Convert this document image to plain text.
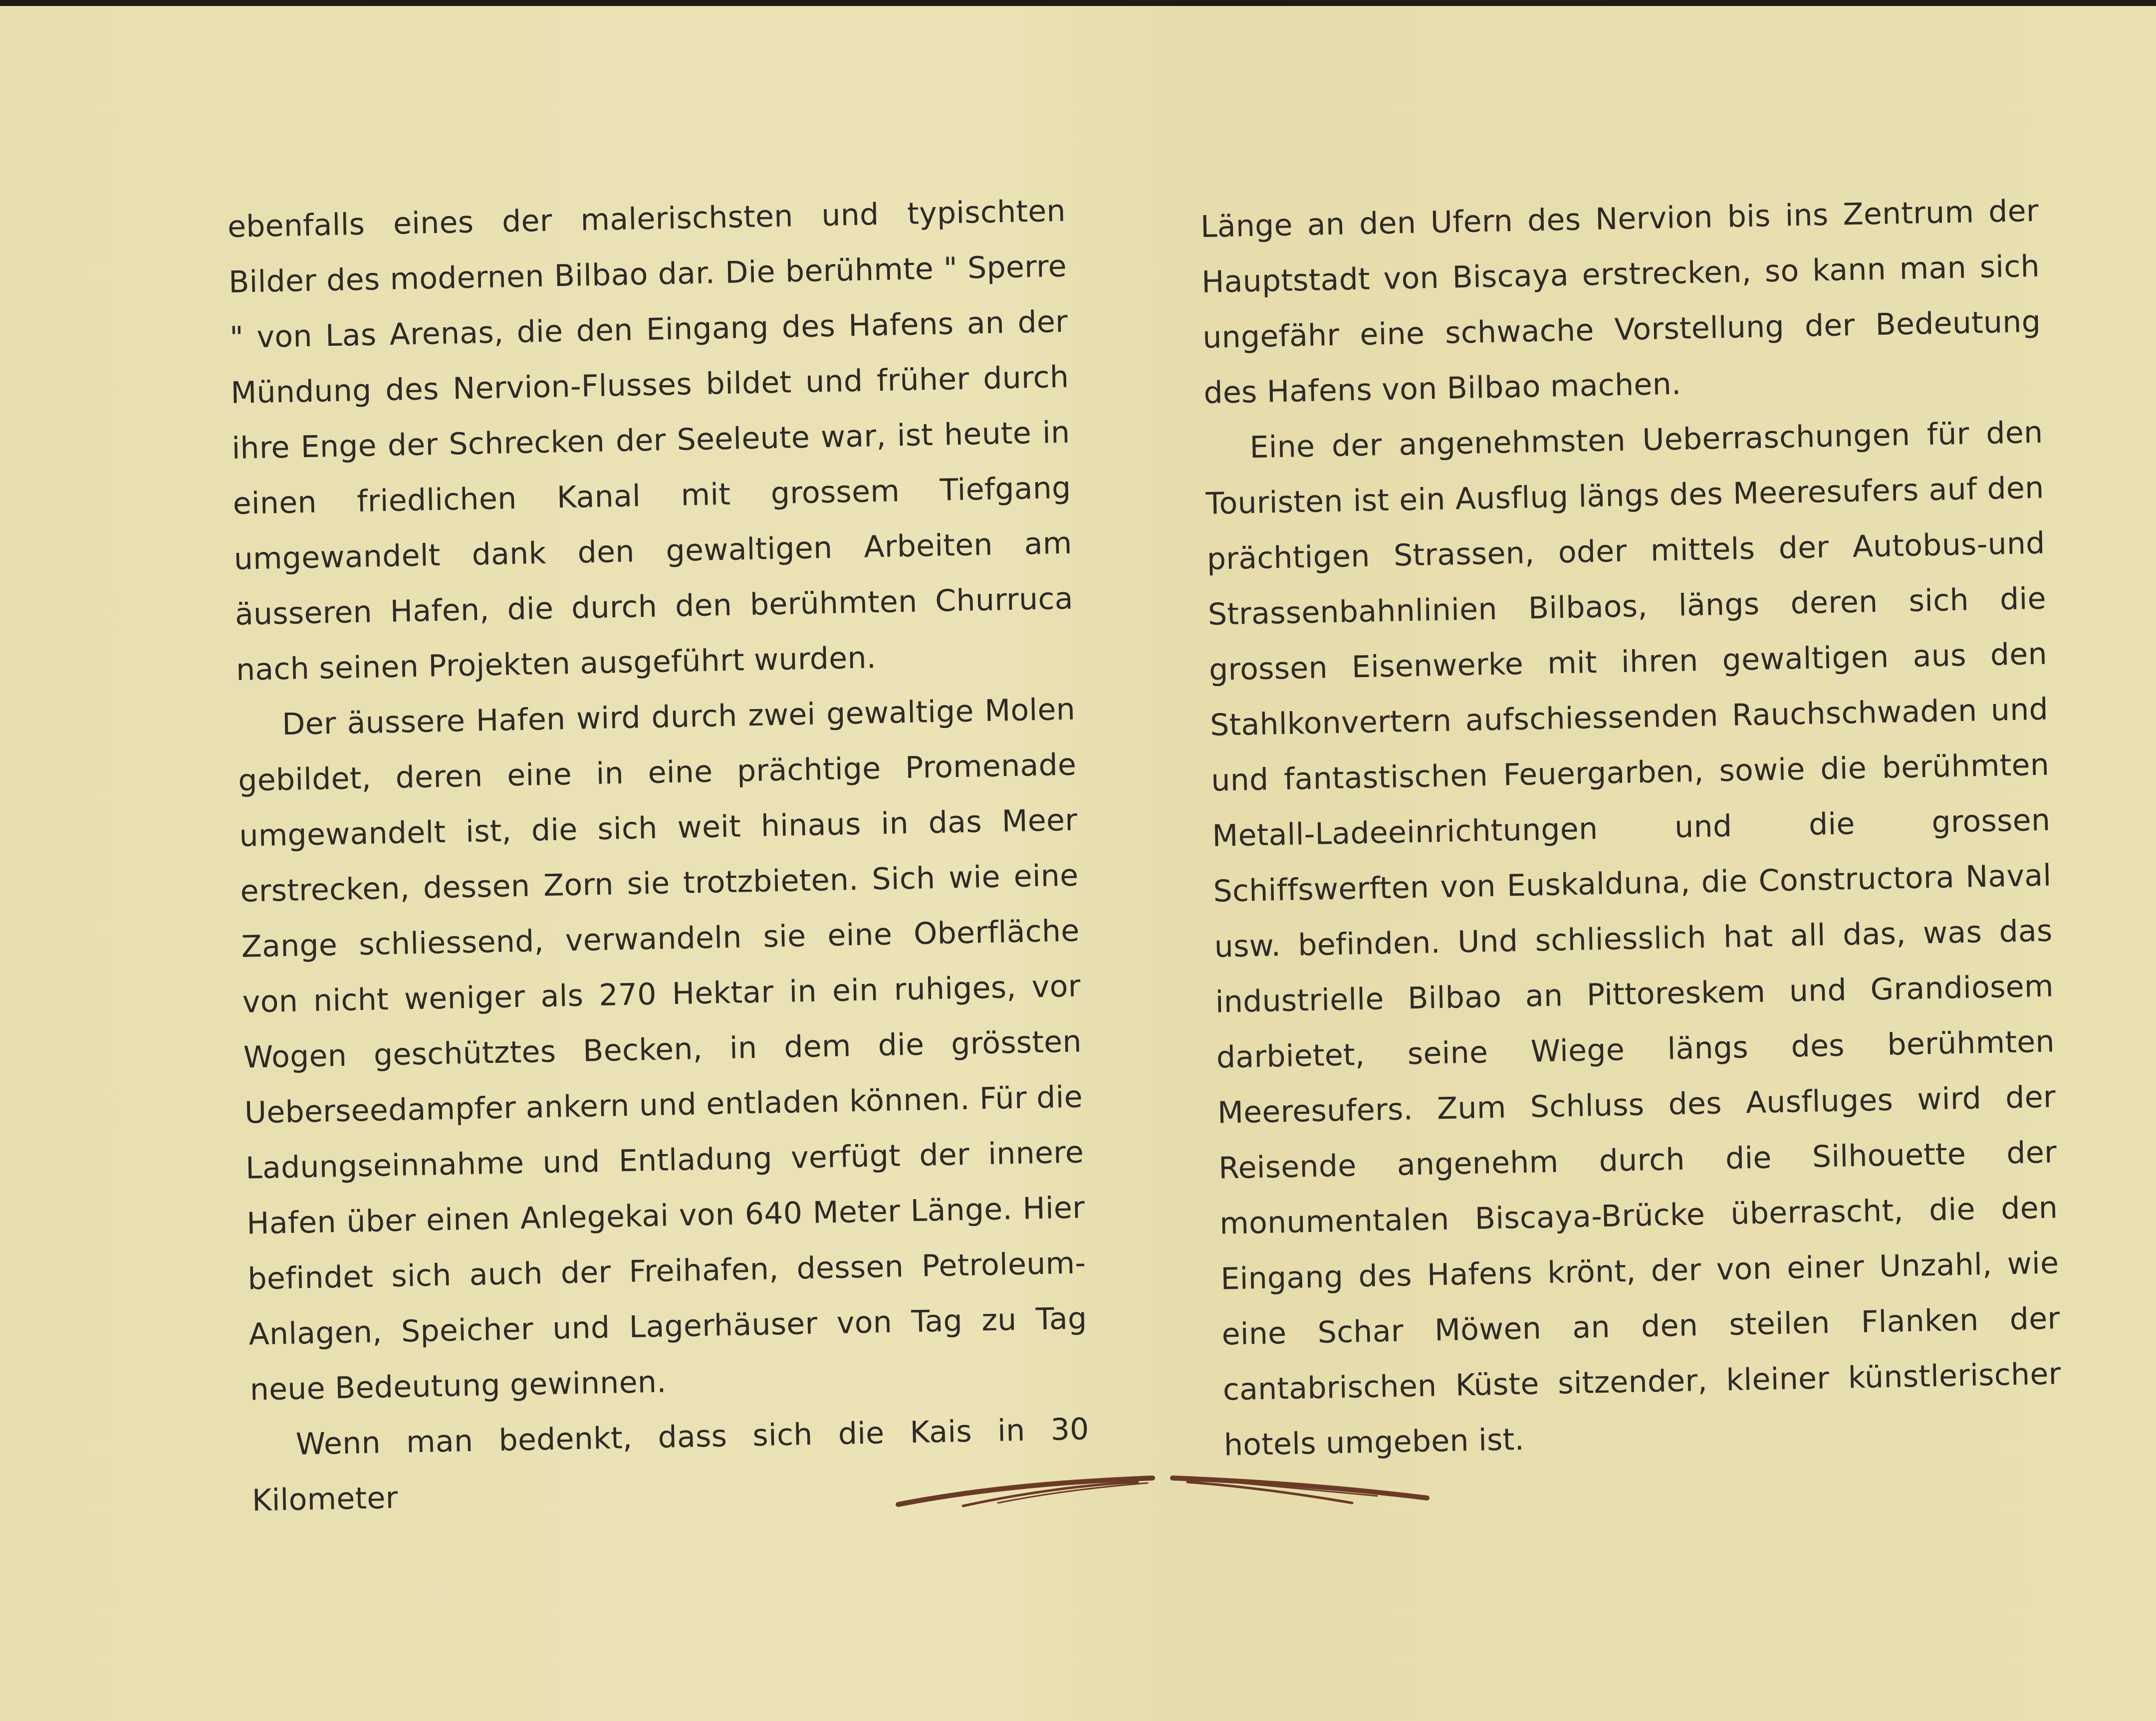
ebenfalls eines der malerischsten und typischten Bilder des modernen Bilbao dar. Die berühmte " Sperre " von Las Arenas, die den Eingang des Hafens an der Mündung des Nervion-Flusses bildet und früher durch ihre Enge der Schrecken der Seeleute war, ist heute in einen friedlichen Kanal mit grossem Tiefgang umgewandelt dank den gewaltigen Arbeiten am äusseren Hafen, die durch den berühmten Churruca nach seinen Projekten ausgeführt wurden.

Der äussere Hafen wird durch zwei gewaltige Molen gebildet, deren eine in eine prächtige Promenade umgewandelt ist, die sich weit hinaus in das Meer erstrecken, dessen Zorn sie trotzbieten. Sich wie eine Zange schliessend, verwandeln sie eine Oberfläche von nicht weniger als 270 Hektar in ein ruhiges, vor Wogen geschütztes Becken, in dem die grössten Ueberseedampfer ankern und entladen können. Für die Ladungseinnahme und Entladung verfügt der innere Hafen über einen Anlegekai von 640 Meter Länge. Hier befindet sich auch der Freihafen, dessen Petroleum-Anlagen, Speicher und Lagerhäuser von Tag zu Tag neue Bedeutung gewinnen.

Wenn man bedenkt, dass sich die Kais in 30 Kilometer

Länge an den Ufern des Nervion bis ins Zentrum der Hauptstadt von Biscaya erstrecken, so kann man sich ungefähr eine schwache Vorstellung der Bedeutung des Hafens von Bilbao machen.

Eine der angenehmsten Ueberraschungen für den Touristen ist ein Ausflug längs des Meeresufers auf den prächtigen Strassen, oder mittels der Autobus-und Strassenbahnlinien Bilbaos, längs deren sich die grossen Eisenwerke mit ihren gewaltigen aus den Stahlkonvertern aufschiessenden Rauchschwaden und und fantastischen Feuergarben, sowie die berühmten Metall-Ladeeinrichtungen und die grossen Schiffswerften von Euskalduna, die Constructora Naval usw. befinden. Und schliesslich hat all das, was das industrielle Bilbao an Pittoreskem und Grandiosem darbietet, seine Wiege längs des berühmten Meeresufers. Zum Schluss des Ausfluges wird der Reisende angenehm durch die Silhouette der monumentalen Biscaya-Brücke überrascht, die den Eingang des Hafens krönt, der von einer Unzahl, wie eine Schar Möwen an den steilen Flanken der cantabrischen Küste sitzender, kleiner künstlerischer hotels umgeben ist.
